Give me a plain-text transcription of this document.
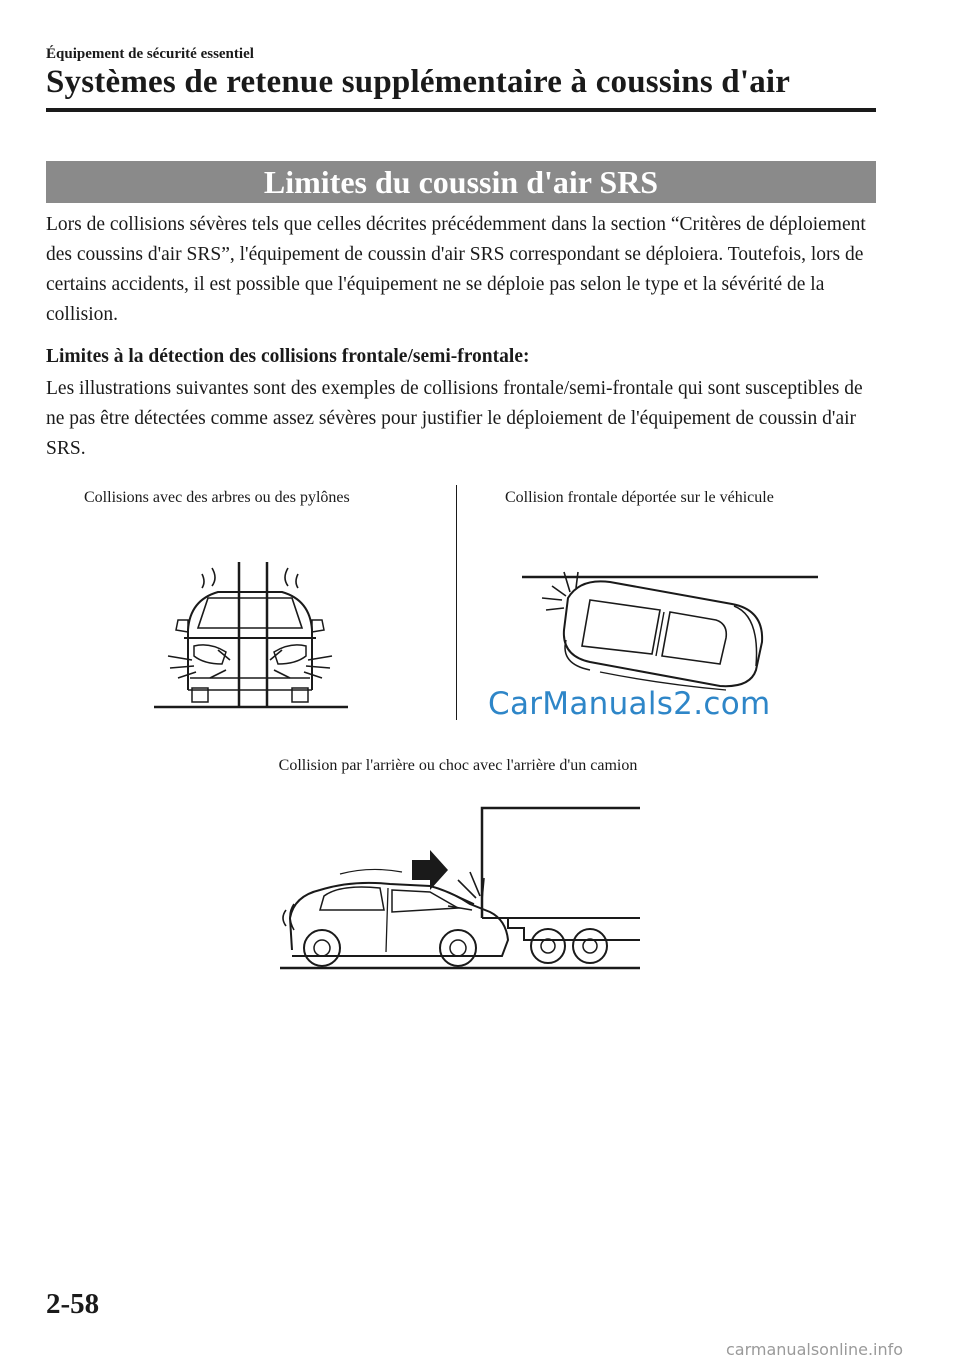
Équipement de sécurité essentiel
Systèmes de retenue supplémentaire à coussins d'air
Limites du coussin d'air SRS
Lors de collisions sévères tels que celles décrites précédemment dans la section “Critères de déploiement des coussins d'air SRS”, l'équipement de coussin d'air SRS correspondant se déploiera. Toutefois, lors de certains accidents, il est possible que l'équipement ne se déploie pas selon le type et la sévérité de la collision.
Limites à la détection des collisions frontale/semi-frontale:
Les illustrations suivantes sont des exemples de collisions frontale/semi-frontale qui sont susceptibles de ne pas être détectées comme assez sévères pour justifier le déploiement de l'équipement de coussin d'air SRS.
Collisions avec des arbres ou des pylônes	Collision frontale déportée sur le véhicule
CarManuals2.com
Collision par l'arrière ou choc avec l'arrière d'un camion
2-58
carmanualsonline.info
